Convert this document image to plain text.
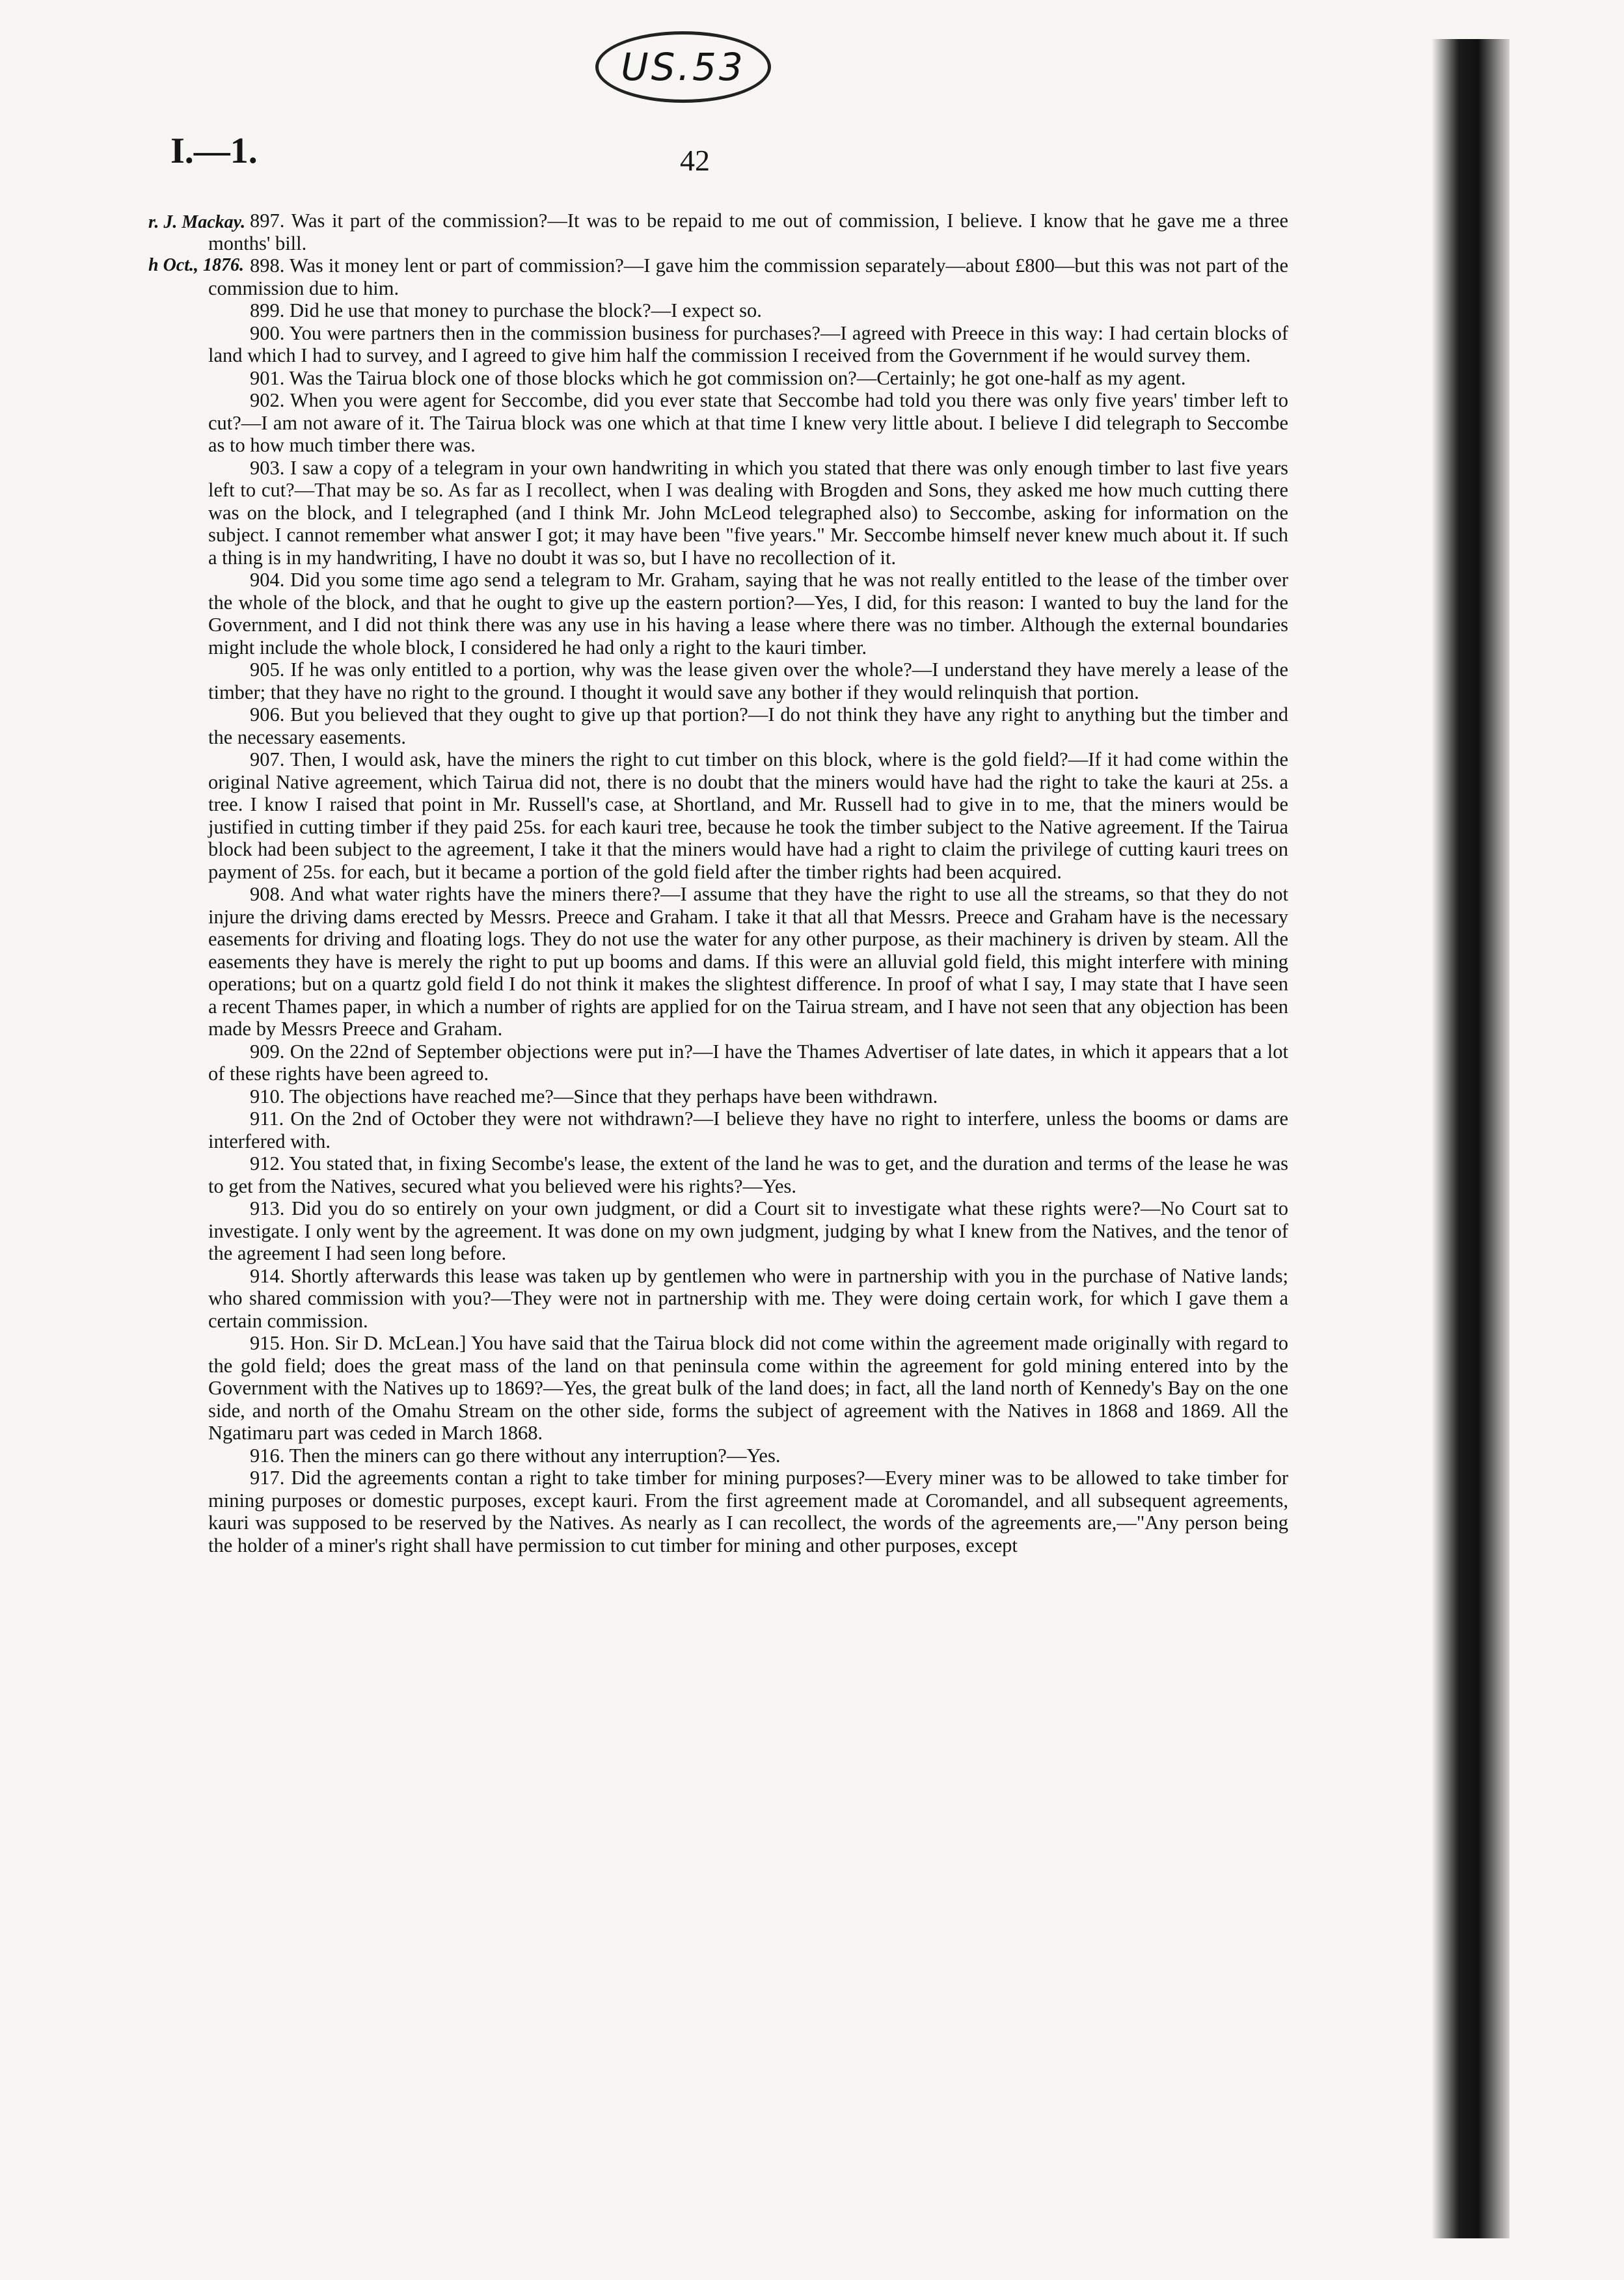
US.53
I.—1.	42
r. J. Mackay.
h Oct., 1876.

897. Was it part of the commission?—It was to be repaid to me out of commission, I believe. I know that he gave me a three months' bill.

898. Was it money lent or part of commission?—I gave him the commission separately—about £800—but this was not part of the commission due to him.

899. Did he use that money to purchase the block?—I expect so.

900. You were partners then in the commission business for purchases?—I agreed with Preece in this way: I had certain blocks of land which I had to survey, and I agreed to give him half the commission I received from the Government if he would survey them.

901. Was the Tairua block one of those blocks which he got commission on?—Certainly; he got one-half as my agent.

902. When you were agent for Seccombe, did you ever state that Seccombe had told you there was only five years' timber left to cut?—I am not aware of it. The Tairua block was one which at that time I knew very little about. I believe I did telegraph to Seccombe as to how much timber there was.

903. I saw a copy of a telegram in your own handwriting in which you stated that there was only enough timber to last five years left to cut?—That may be so. As far as I recollect, when I was dealing with Brogden and Sons, they asked me how much cutting there was on the block, and I telegraphed (and I think Mr. John McLeod telegraphed also) to Seccombe, asking for information on the subject. I cannot remember what answer I got; it may have been "five years." Mr. Seccombe himself never knew much about it. If such a thing is in my handwriting, I have no doubt it was so, but I have no recollection of it.

904. Did you some time ago send a telegram to Mr. Graham, saying that he was not really entitled to the lease of the timber over the whole of the block, and that he ought to give up the eastern portion?—Yes, I did, for this reason: I wanted to buy the land for the Government, and I did not think there was any use in his having a lease where there was no timber. Although the external boundaries might include the whole block, I considered he had only a right to the kauri timber.

905. If he was only entitled to a portion, why was the lease given over the whole?—I understand they have merely a lease of the timber; that they have no right to the ground. I thought it would save any bother if they would relinquish that portion.

906. But you believed that they ought to give up that portion?—I do not think they have any right to anything but the timber and the necessary easements.

907. Then, I would ask, have the miners the right to cut timber on this block, where is the gold field?—If it had come within the original Native agreement, which Tairua did not, there is no doubt that the miners would have had the right to take the kauri at 25s. a tree. I know I raised that point in Mr. Russell's case, at Shortland, and Mr. Russell had to give in to me, that the miners would be justified in cutting timber if they paid 25s. for each kauri tree, because he took the timber subject to the Native agreement. If the Tairua block had been subject to the agreement, I take it that the miners would have had a right to claim the privilege of cutting kauri trees on payment of 25s. for each, but it became a portion of the gold field after the timber rights had been acquired.

908. And what water rights have the miners there?—I assume that they have the right to use all the streams, so that they do not injure the driving dams erected by Messrs. Preece and Graham. I take it that all that Messrs. Preece and Graham have is the necessary easements for driving and floating logs. They do not use the water for any other purpose, as their machinery is driven by steam. All the easements they have is merely the right to put up booms and dams. If this were an alluvial gold field, this might interfere with mining operations; but on a quartz gold field I do not think it makes the slightest difference. In proof of what I say, I may state that I have seen a recent Thames paper, in which a number of rights are applied for on the Tairua stream, and I have not seen that any objection has been made by Messrs Preece and Graham.

909. On the 22nd of September objections were put in?—I have the Thames Advertiser of late dates, in which it appears that a lot of these rights have been agreed to.

910. The objections have reached me?—Since that they perhaps have been withdrawn.

911. On the 2nd of October they were not withdrawn?—I believe they have no right to interfere, unless the booms or dams are interfered with.

912. You stated that, in fixing Secombe's lease, the extent of the land he was to get, and the duration and terms of the lease he was to get from the Natives, secured what you believed were his rights?—Yes.

913. Did you do so entirely on your own judgment, or did a Court sit to investigate what these rights were?—No Court sat to investigate. I only went by the agreement. It was done on my own judgment, judging by what I knew from the Natives, and the tenor of the agreement I had seen long before.

914. Shortly afterwards this lease was taken up by gentlemen who were in partnership with you in the purchase of Native lands; who shared commission with you?—They were not in partnership with me. They were doing certain work, for which I gave them a certain commission.

915. Hon. Sir D. McLean.] You have said that the Tairua block did not come within the agreement made originally with regard to the gold field; does the great mass of the land on that peninsula come within the agreement for gold mining entered into by the Government with the Natives up to 1869?—Yes, the great bulk of the land does; in fact, all the land north of Kennedy's Bay on the one side, and north of the Omahu Stream on the other side, forms the subject of agreement with the Natives in 1868 and 1869. All the Ngatimaru part was ceded in March 1868.

916. Then the miners can go there without any interruption?—Yes.

917. Did the agreements contan a right to take timber for mining purposes?—Every miner was to be allowed to take timber for mining purposes or domestic purposes, except kauri. From the first agreement made at Coromandel, and all subsequent agreements, kauri was supposed to be reserved by the Natives. As nearly as I can recollect, the words of the agreements are,—"Any person being the holder of a miner's right shall have permission to cut timber for mining and other purposes, except
